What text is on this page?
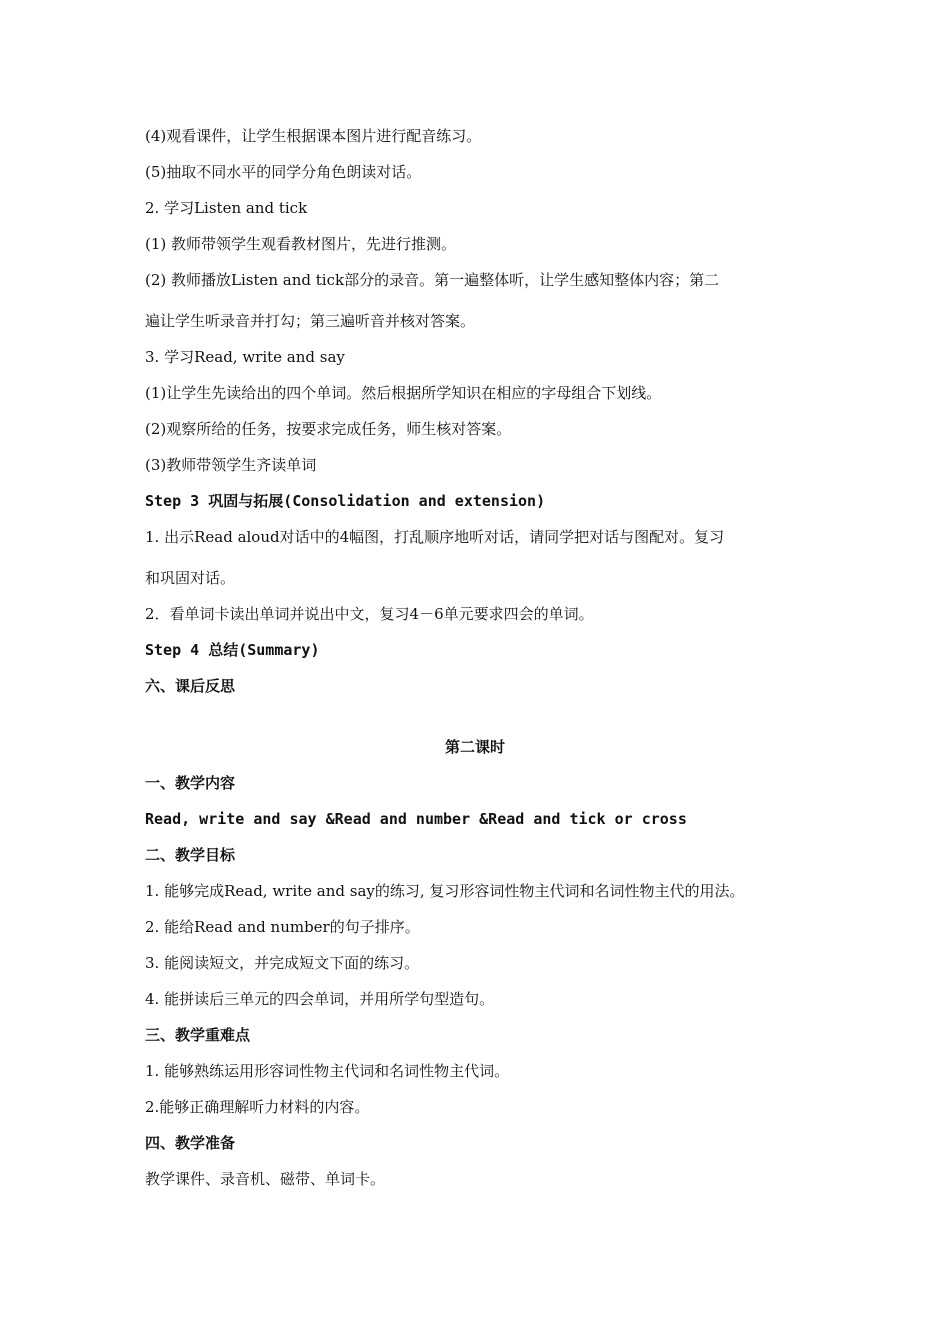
(4)观看课件，让学生根据课本图片进行配音练习。
(5)抽取不同水平的同学分角色朗读对话。
2. 学习Listen and tick
(1) 教师带领学生观看教材图片，先进行推测。
(2) 教师播放Listen and tick部分的录音。第一遍整体听，让学生感知整体内容；第二
遍让学生听录音并打勾；第三遍听音并核对答案。
3. 学习Read, write and say
(1)让学生先读给出的四个单词。然后根据所学知识在相应的字母组合下划线。
(2)观察所给的任务，按要求完成任务，师生核对答案。
(3)教师带领学生齐读单词
Step 3 巩固与拓展(Consolidation and extension)
1. 出示Read aloud对话中的4幅图，打乱顺序地听对话，请同学把对话与图配对。复习
和巩固对话。
2．看单词卡读出单词并说出中文，复习4－6单元要求四会的单词。
Step 4 总结(Summary)
六、课后反思
第二课时
一、教学内容
Read, write and say &Read and number &Read and tick or cross
二、教学目标
1. 能够完成Read, write and say的练习, 复习形容词性物主代词和名词性物主代的用法。
2. 能给Read and number的句子排序。
3. 能阅读短文，并完成短文下面的练习。
4. 能拼读后三单元的四会单词，并用所学句型造句。
三、教学重难点
1. 能够熟练运用形容词性物主代词和名词性物主代词。
2.能够正确理解听力材料的内容。
四、教学准备
教学课件、录音机、磁带、单词卡。
